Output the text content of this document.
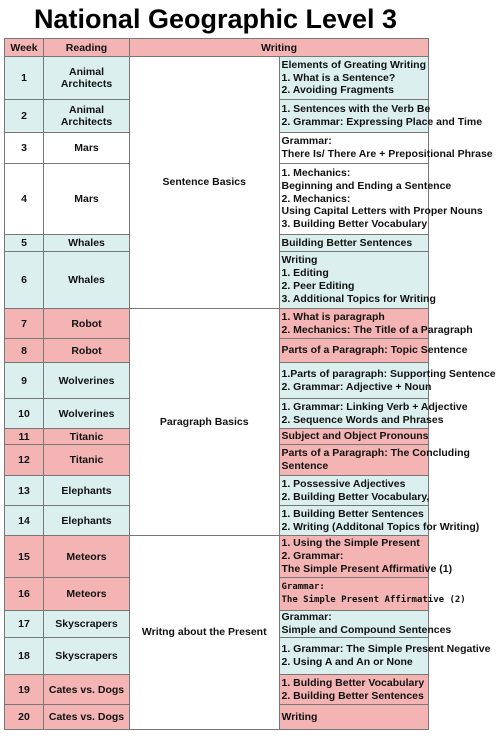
National Geographic Level 3
Week	Reading	Writing	
1	Animal Architects	Sentence Basics	Elements of Greating Writing
1. What is a Sentence?
2. Avoiding Fragments

2	Animal Architects		1. Sentences with the Verb Be
2. Grammar: Expressing Place and Time

3	Mars		Grammar:
There Is/ There Are + Prepositional Phrase

4	Mars		1. Mechanics:
Beginning and Ending a Sentence
2. Mechanics:
Using Capital Letters with Proper Nouns
3. Building Better Vocabulary

5	Whales		Building Better Sentences

6	Whales		Writing
1. Editing
2. Peer Editing
3. Additional Topics for Writing

7	Robot	Paragraph Basics	1. What is paragraph
2. Mechanics: The Title of a Paragraph

8	Robot		Parts of a Paragraph: Topic Sentence

9	Wolverines		1.Parts of paragraph: Supporting Sentence
2. Grammar: Adjective + Noun

10	Wolverines		1. Grammar: Linking Verb + Adjective
2. Sequence Words and Phrases

11	Titanic		Subject and Object Pronouns

12	Titanic		Parts of a Paragraph: The Concluding
Sentence

13	Elephants		1. Possessive Adjectives
2. Building Better Vocabulary,

14	Elephants		1. Building Better Sentences
2. Writing (Additonal Topics for Writing)

15	Meteors	Writng about the Present	1. Using the Simple Present
2. Grammar:
The Simple Present Affirmative (1)

16	Meteors		Grammar:
The Simple Present Affirmative (2)

17	Skyscrapers		Grammar:
Simple and Compound Sentences

18	Skyscrapers		1. Grammar: The Simple Present Negative
2. Using A and An or None

19	Cates vs. Dogs		1. Bulding Better Vocabulary
2. Building Better Sentences

20	Cates vs. Dogs		Writing
